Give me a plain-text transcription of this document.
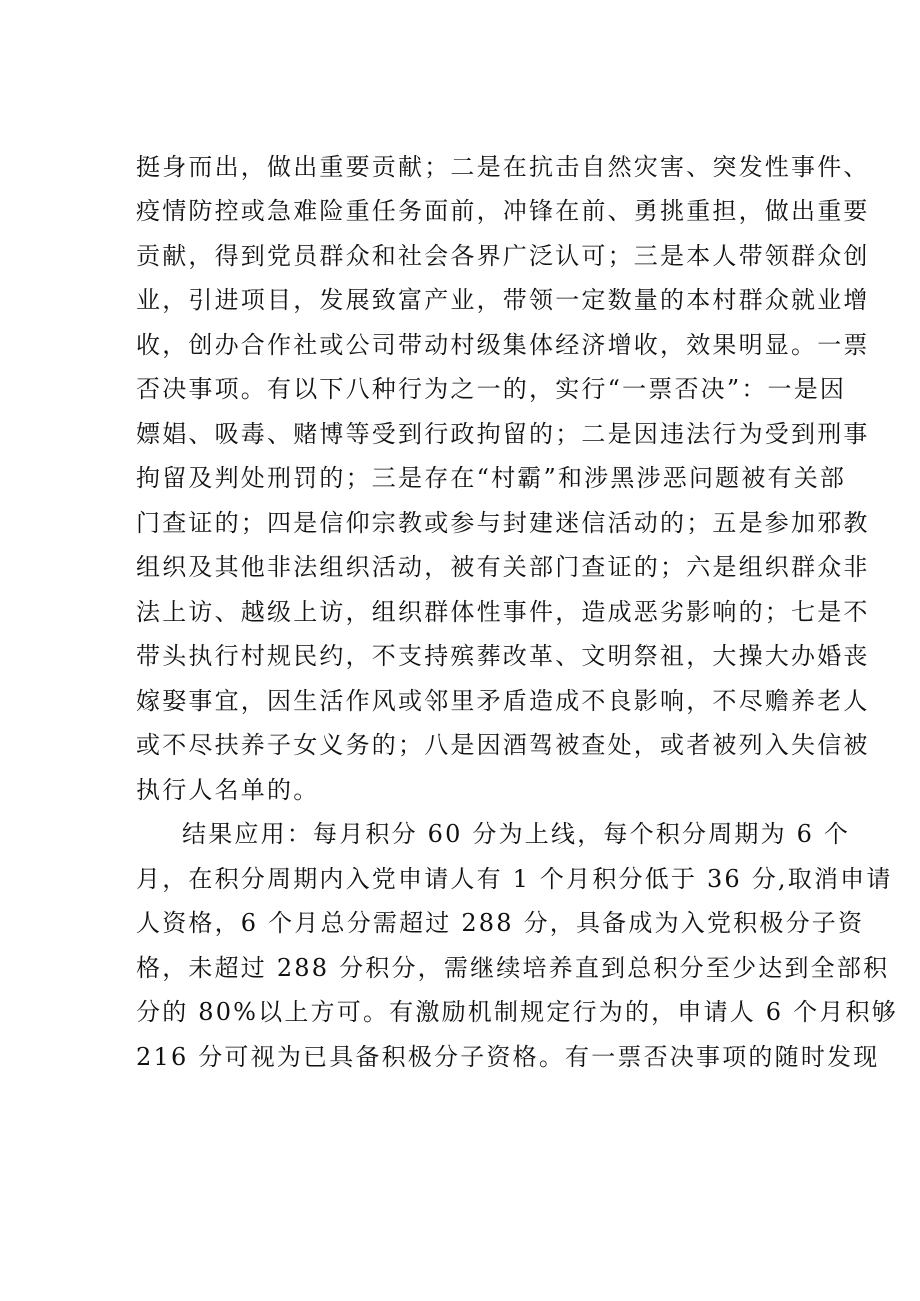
挺身而出，做出重要贡献；二是在抗击自然灾害、突发性事件、
疫情防控或急难险重任务面前，冲锋在前、勇挑重担，做出重要
贡献，得到党员群众和社会各界广泛认可；三是本人带领群众创
业，引进项目，发展致富产业，带领一定数量的本村群众就业增
收，创办合作社或公司带动村级集体经济增收，效果明显。一票
否决事项。有以下八种行为之一的，实行“一票否决”：一是因
嫖娼、吸毒、赌博等受到行政拘留的；二是因违法行为受到刑事
拘留及判处刑罚的；三是存在“村霸”和涉黑涉恶问题被有关部
门查证的；四是信仰宗教或参与封建迷信活动的；五是参加邪教
组织及其他非法组织活动，被有关部门查证的；六是组织群众非
法上访、越级上访，组织群体性事件，造成恶劣影响的；七是不
带头执行村规民约，不支持殡葬改革、文明祭祖，大操大办婚丧
嫁娶事宜，因生活作风或邻里矛盾造成不良影响，不尽赡养老人
或不尽扶养子女义务的；八是因酒驾被查处，或者被列入失信被
执行人名单的。
结果应用：每月积分 60 分为上线，每个积分周期为 6 个
月，在积分周期内入党申请人有 1 个月积分低于 36 分,取消申请
人资格，6 个月总分需超过 288 分，具备成为入党积极分子资
格，未超过 288 分积分，需继续培养直到总积分至少达到全部积
分的 80%以上方可。有激励机制规定行为的，申请人 6 个月积够
216 分可视为已具备积极分子资格。有一票否决事项的随时发现
